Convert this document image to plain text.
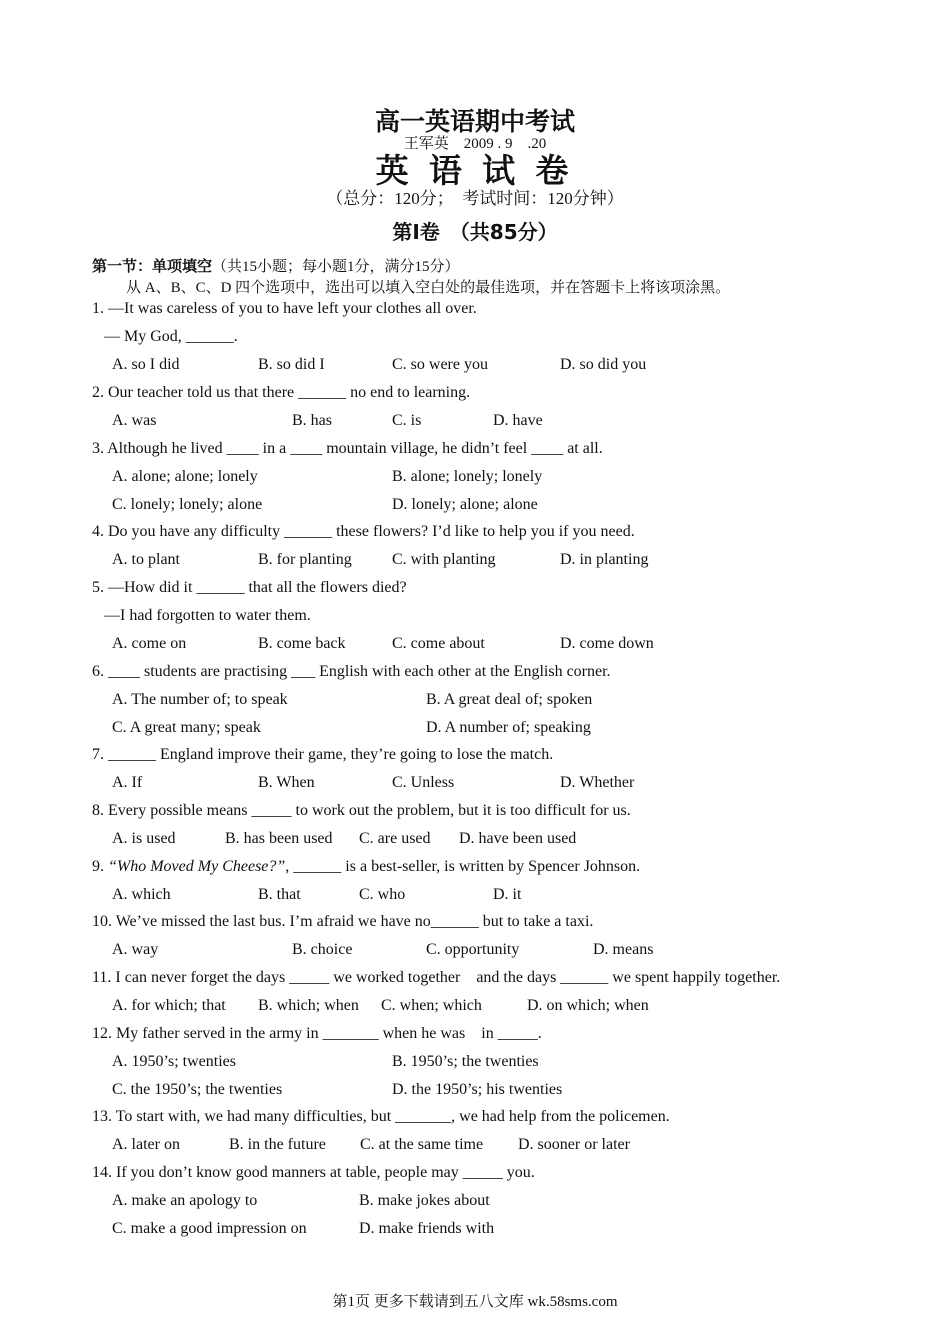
高一英语期中考试
王军英　2009 . 9　.20
英 语 试 卷
（总分：120分；　考试时间：120分钟）
第Ⅰ卷　（共85分）
第一节：单项填空（共15小题；每小题1分，满分15分）
从 A、B、C、D 四个选项中，选出可以填入空白处的最佳选项，并在答题卡上将该项涂黑。
1. —It was careless of you to have left your clothes all over.
— My God, ______.
A. so I did	B. so did I	C. so were you	D. so did you
2. Our teacher told us that there ______ no end to learning.
A. was	B. has	C. is	D. have
3. Although he lived ____ in a ____ mountain village, he didn’t feel ____ at all.
A. alone; alone; lonely	B. alone; lonely; lonely
C. lonely; lonely; alone	D. lonely; alone; alone
4. Do you have any difficulty ______ these flowers? I’d like to help you if you need.
A. to plant	B. for planting	C. with planting	D. in planting
5. —How did it ______ that all the flowers died?
—I had forgotten to water them.
A. come on	B. come back	C. come about	D. come down
6. ____ students are practising ___ English with each other at the English corner.
A. The number of; to speak	B. A great deal of; spoken
C. A great many; speak	D. A number of; speaking
7. ______ England improve their game, they’re going to lose the match.
A. If	B. When	C. Unless	D. Whether
8. Every possible means _____ to work out the problem, but it is too difficult for us.
A. is used	B. has been used C. are used D. have been used
9. “Who Moved My Cheese?”, ______ is a best-seller, is written by Spencer Johnson.
A. which	B. that	C. who	D. it
10. We’ve missed the last bus. I’m afraid we have no______ but to take a taxi.
A. way	B. choice	C. opportunity	D. means
11. I can never forget the days _____ we worked together　and the days ______ we spent happily together.
A. for which; that B. which; when C. when; which	D. on which; when
12. My father served in the army in _______ when he was　in _____.
A. 1950’s; twenties	B. 1950’s; the twenties
C. the 1950’s; the twenties	D. the 1950’s; his twenties
13. To start with, we had many difficulties, but _______, we had help from the policemen.
A. later on	B. in the future C. at the same time D. sooner or later
14. If you don’t know good manners at table, people may _____ you.
A. make an apology to	B. make jokes about
C. make a good impression on	D. make friends with
第1页 更多下载请到五八文库 wk.58sms.com
